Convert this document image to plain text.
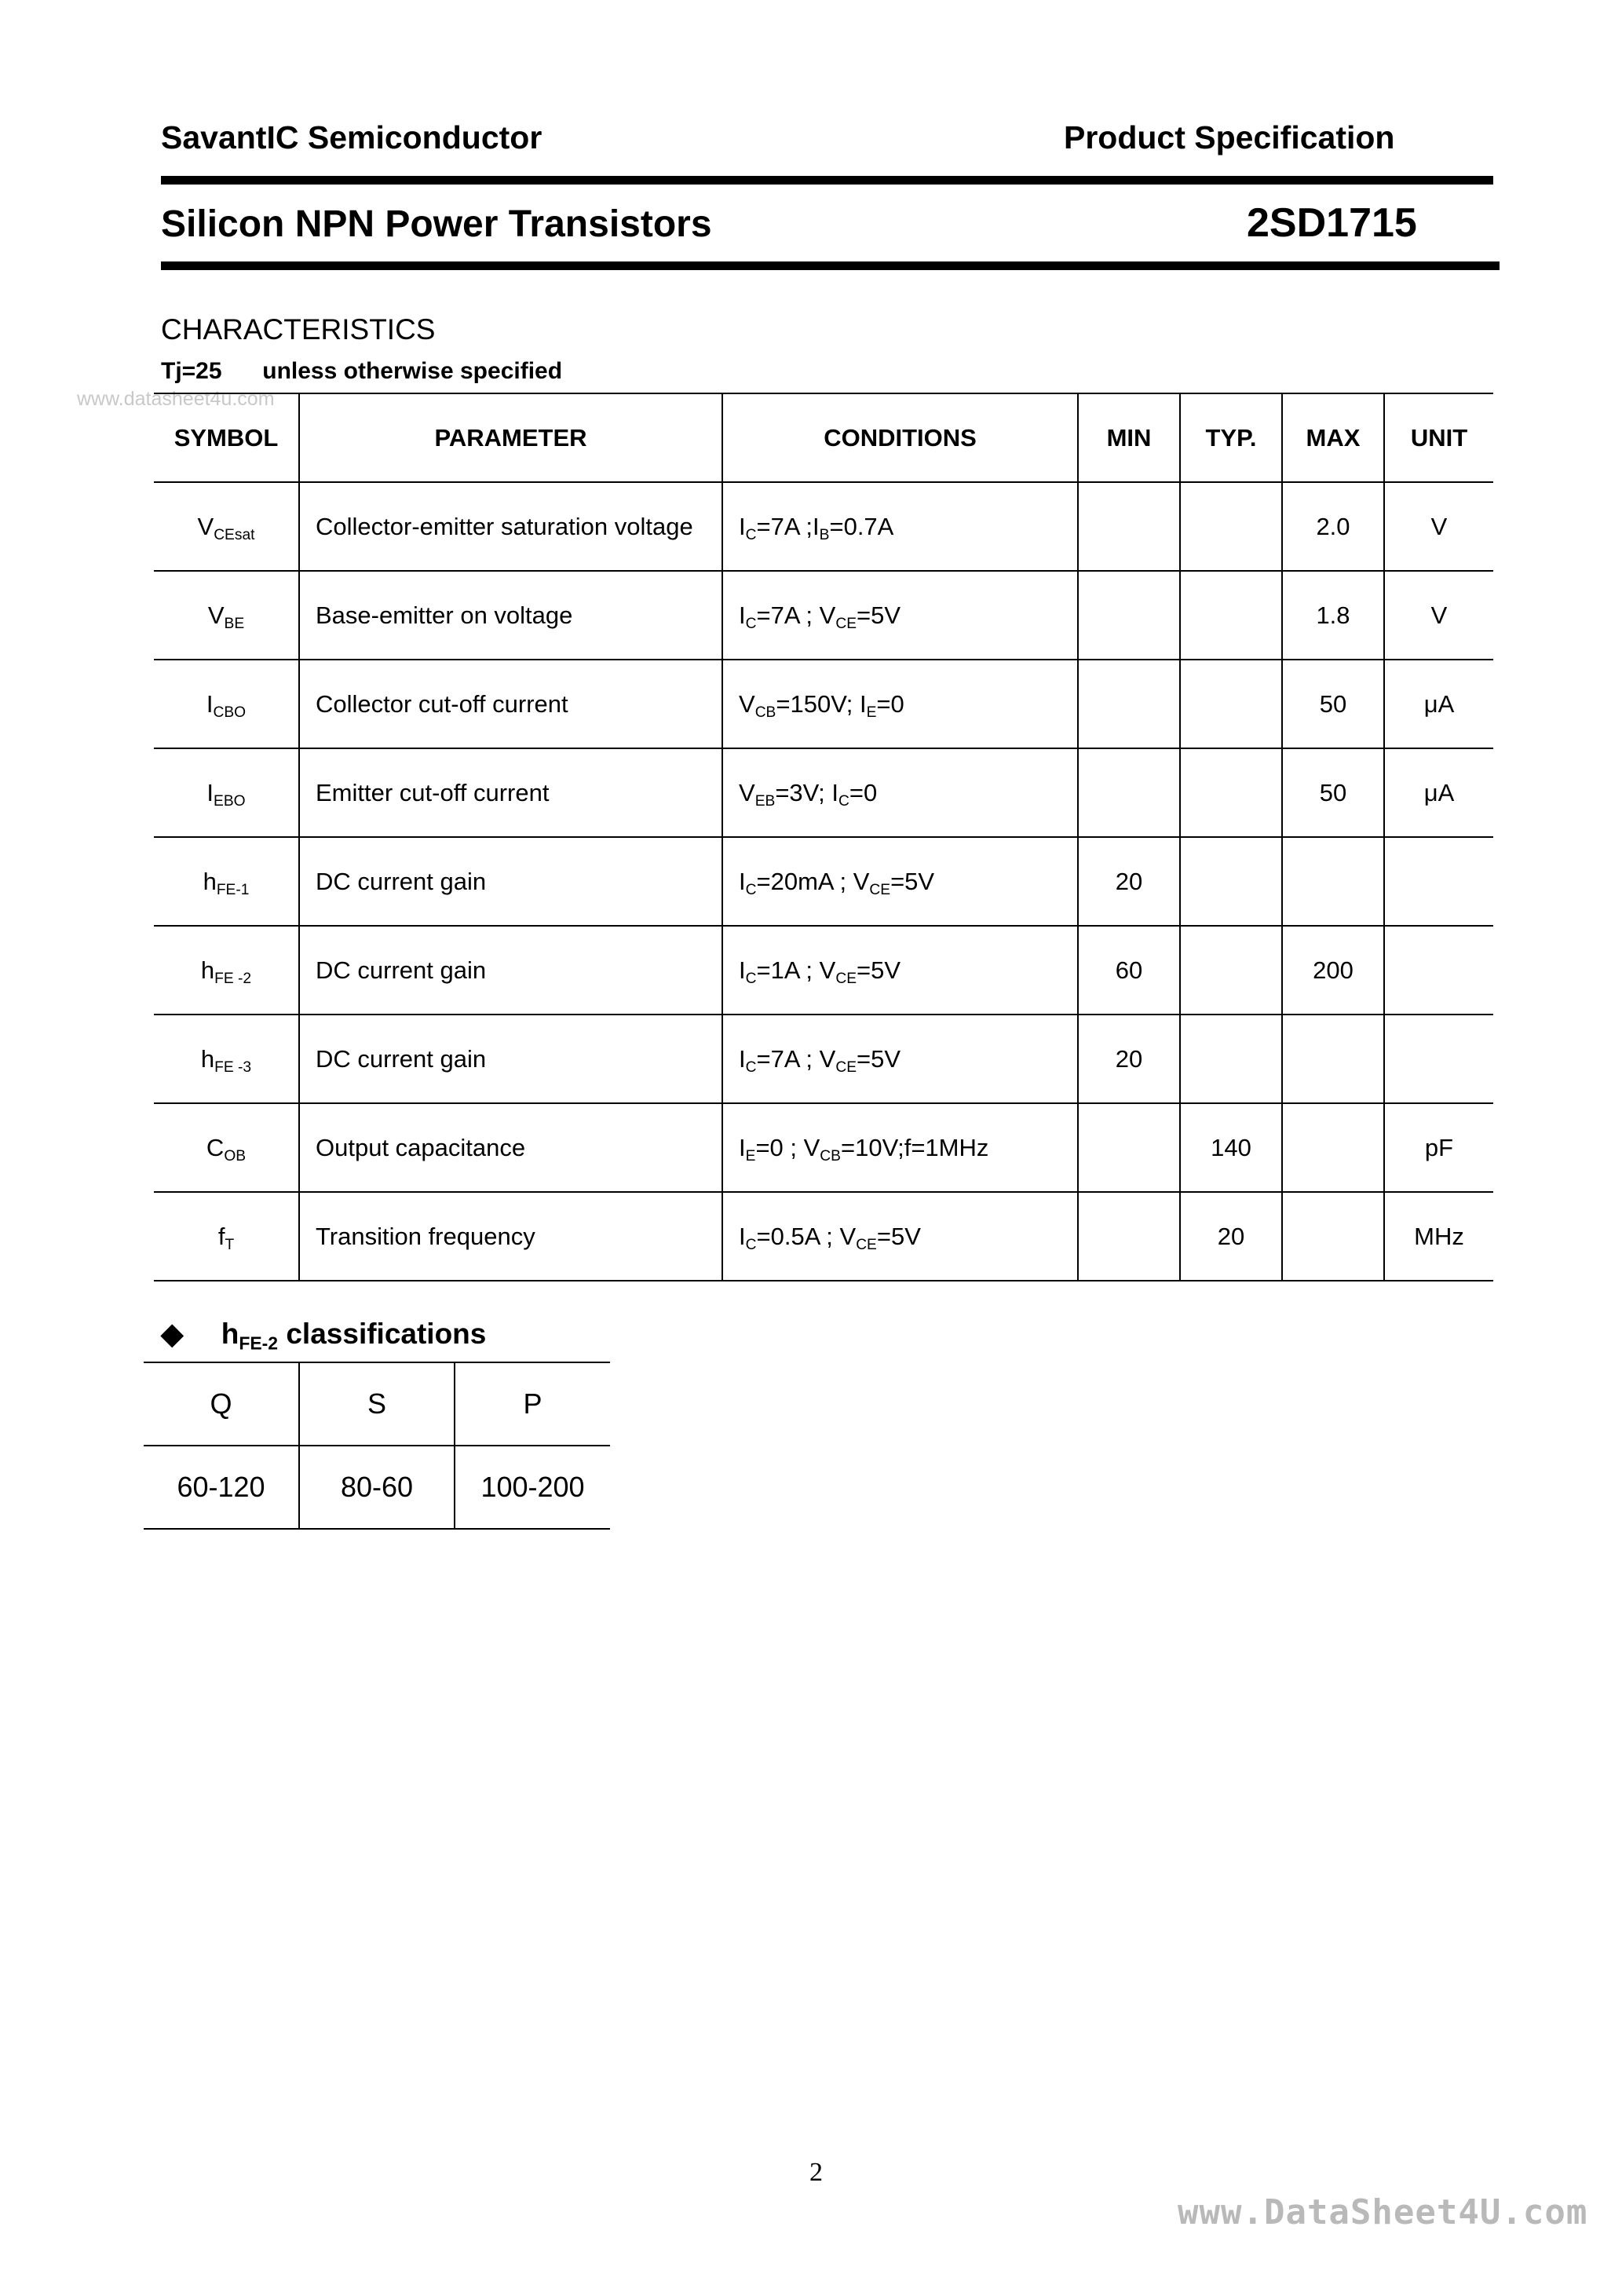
SavantIC Semiconductor	Product Specification
Silicon NPN Power Transistors	2SD1715
CHARACTERISTICS
Tj=25 unless otherwise specified
www.datasheet4u.com
SYMBOL	PARAMETER	CONDITIONS	MIN	TYP.	MAX	UNIT
$V_{CEsat}$	Collector-emitter saturation voltage	$I_C=7A$ $;I_B=0.7A$			2.0	V
$V_{BE}$	Base-emitter on voltage	$I_C=7A$ ; $V_{CE}=5V$			1.8	V
$I_{CBO}$	Collector cut-off current	$V_{CB}=150V$; $I_E=0$			50	μA
$I_{EBO}$	Emitter cut-off current	$V_{EB}=3V$; $I_C=0$			50	μA
$h_{FE-1}$	DC current gain	$I_C=20mA$ ; $V_{CE}=5V$	20			
$h_{FE -2}$	DC current gain	$I_C=1A$ ; $V_{CE}=5V$	60		200	
$h_{FE -3}$	DC current gain	$I_C=7A$ ; $V_{CE}=5V$	20			
$C_{OB}$	Output capacitance	$I_E=0$ ; $V_{CB}=10V;f=1MHz$		140		pF
$f_T$	Transition frequency	$I_C=0.5A$ ; $V_{CE}=5V$		20		MHz
◆ $h_{FE-2}$ classifications
Q	S	P
60-120	80-60	100-200
2
www.DataSheet4U.com
